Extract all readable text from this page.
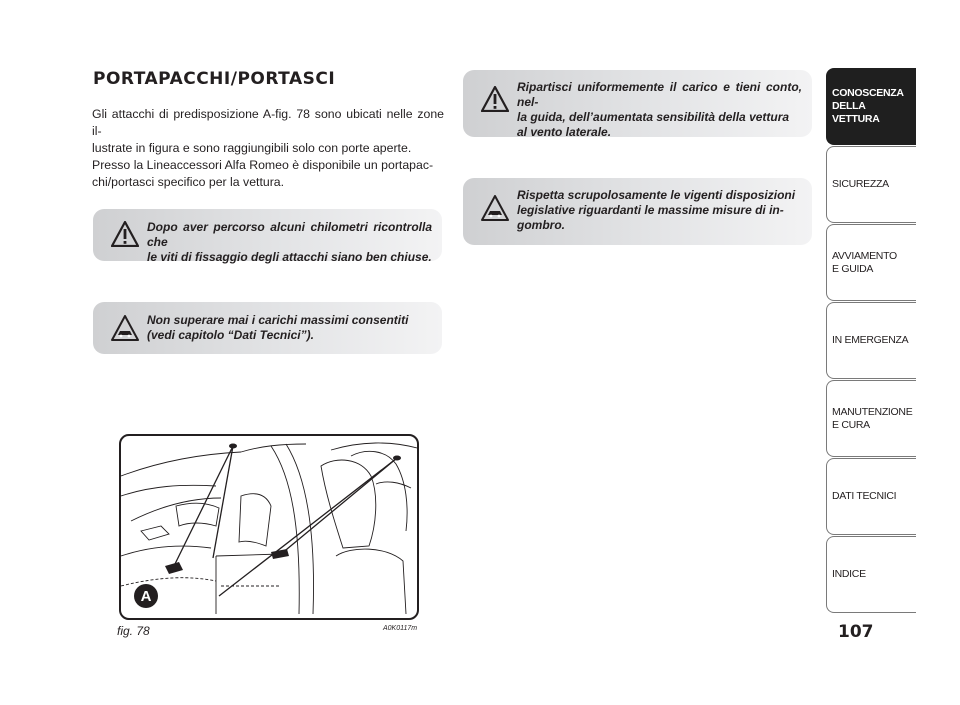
PORTAPACCHI/PORTASCI

Gli attacchi di predisposizione A-fig. 78 sono ubicati nelle zone il-

lustrate in figura e sono raggiungibili solo con porte aperte.

Presso la Lineaccessori Alfa Romeo è disponibile un portapac-

chi/portasci specifico per la vettura.

Dopo aver percorso alcuni chilometri ricontrolla che
le viti di fissaggio degli attacchi siano ben chiuse.
Non superare mai i carichi massimi consentiti
(vedi capitolo “Dati Tecnici”).
Ripartisci uniformemente il carico e tieni conto, nel-
la guida, dell’aumentata sensibilità della vettura
al vento laterale.
Rispetta scrupolosamente le vigenti disposizioni
legislative riguardanti le massime misure di in-
gombro.
A
fig. 78	A0K0117m
CONOSCENZA
DELLA
VETTURA
SICUREZZA
AVVIAMENTO
E GUIDA
IN EMERGENZA
MANUTENZIONE
E CURA
DATI TECNICI
INDICE
107
